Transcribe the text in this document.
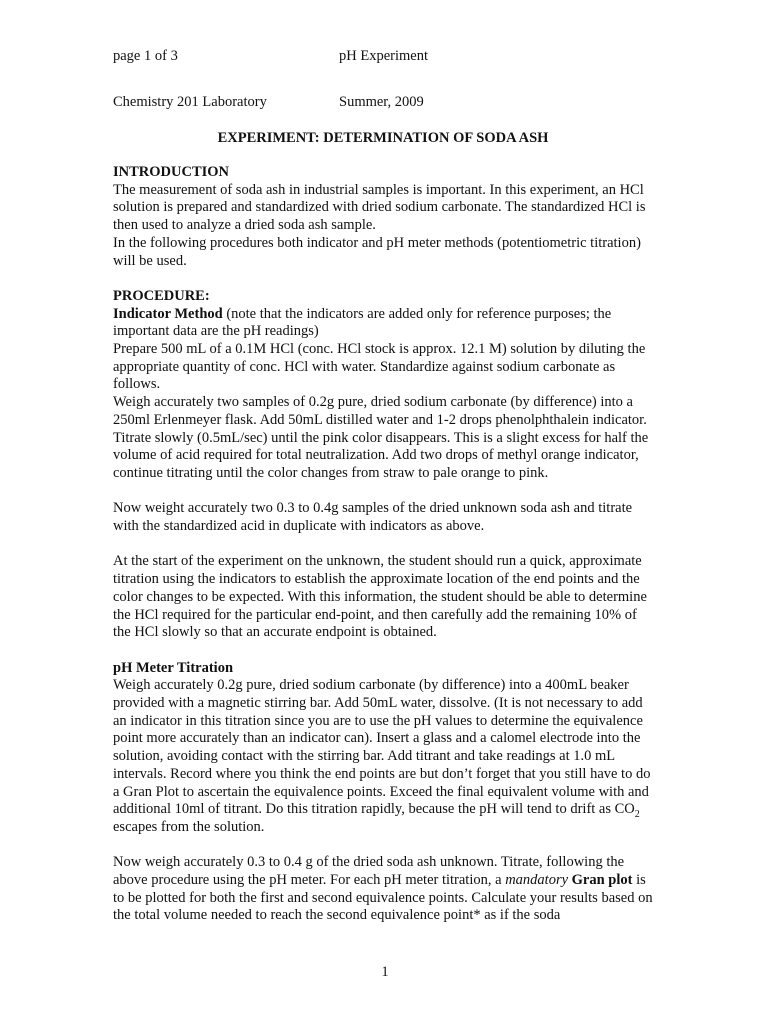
page 1 of 3	pH Experiment
Chemistry 201 Laboratory	Summer, 2009
EXPERIMENT: DETERMINATION OF SODA ASH

INTRODUCTION

The measurement of soda ash in industrial samples is important. In this experiment, an HCl solution is prepared and standardized with dried sodium carbonate. The standardized HCl is then used to analyze a dried soda ash sample.

In the following procedures both indicator and pH meter methods (potentiometric titration) will be used.

PROCEDURE:

Indicator Method (note that the indicators are added only for reference purposes; the important data are the pH readings)

Prepare 500 mL of a 0.1M HCl (conc. HCl stock is approx. 12.1 M) solution by diluting the appropriate quantity of conc. HCl with water. Standardize against sodium carbonate as follows.

Weigh accurately two samples of 0.2g pure, dried sodium carbonate (by difference) into a 250ml Erlenmeyer flask. Add 50mL distilled water and 1-2 drops phenolphthalein indicator. Titrate slowly (0.5mL/sec) until the pink color disappears. This is a slight excess for half the volume of acid required for total neutralization. Add two drops of methyl orange indicator, continue titrating until the color changes from straw to pale orange to pink.

Now weight accurately two 0.3 to 0.4g samples of the dried unknown soda ash and titrate with the standardized acid in duplicate with indicators as above.

At the start of the experiment on the unknown, the student should run a quick, approximate titration using the indicators to establish the approximate location of the end points and the color changes to be expected. With this information, the student should be able to determine the HCl required for the particular end-point, and then carefully add the remaining 10% of the HCl slowly so that an accurate endpoint is obtained.

pH Meter Titration

Weigh accurately 0.2g pure, dried sodium carbonate (by difference) into a 400mL beaker provided with a magnetic stirring bar. Add 50mL water, dissolve. (It is not necessary to add an indicator in this titration since you are to use the pH values to determine the equivalence point more accurately than an indicator can). Insert a glass and a calomel electrode into the solution, avoiding contact with the stirring bar. Add titrant and take readings at 1.0 mL intervals. Record where you think the end points are but don’t forget that you still have to do a Gran Plot to ascertain the equivalence points. Exceed the final equivalent volume with and additional 10ml of titrant. Do this titration rapidly, because the pH will tend to drift as $CO_2$ escapes from the solution.

Now weigh accurately 0.3 to 0.4 g of the dried soda ash unknown. Titrate, following the above procedure using the pH meter. For each pH meter titration, a mandatory Gran plot is to be plotted for both the first and second equivalence points. Calculate your results based on the total volume needed to reach the second equivalence point* as if the soda

1
